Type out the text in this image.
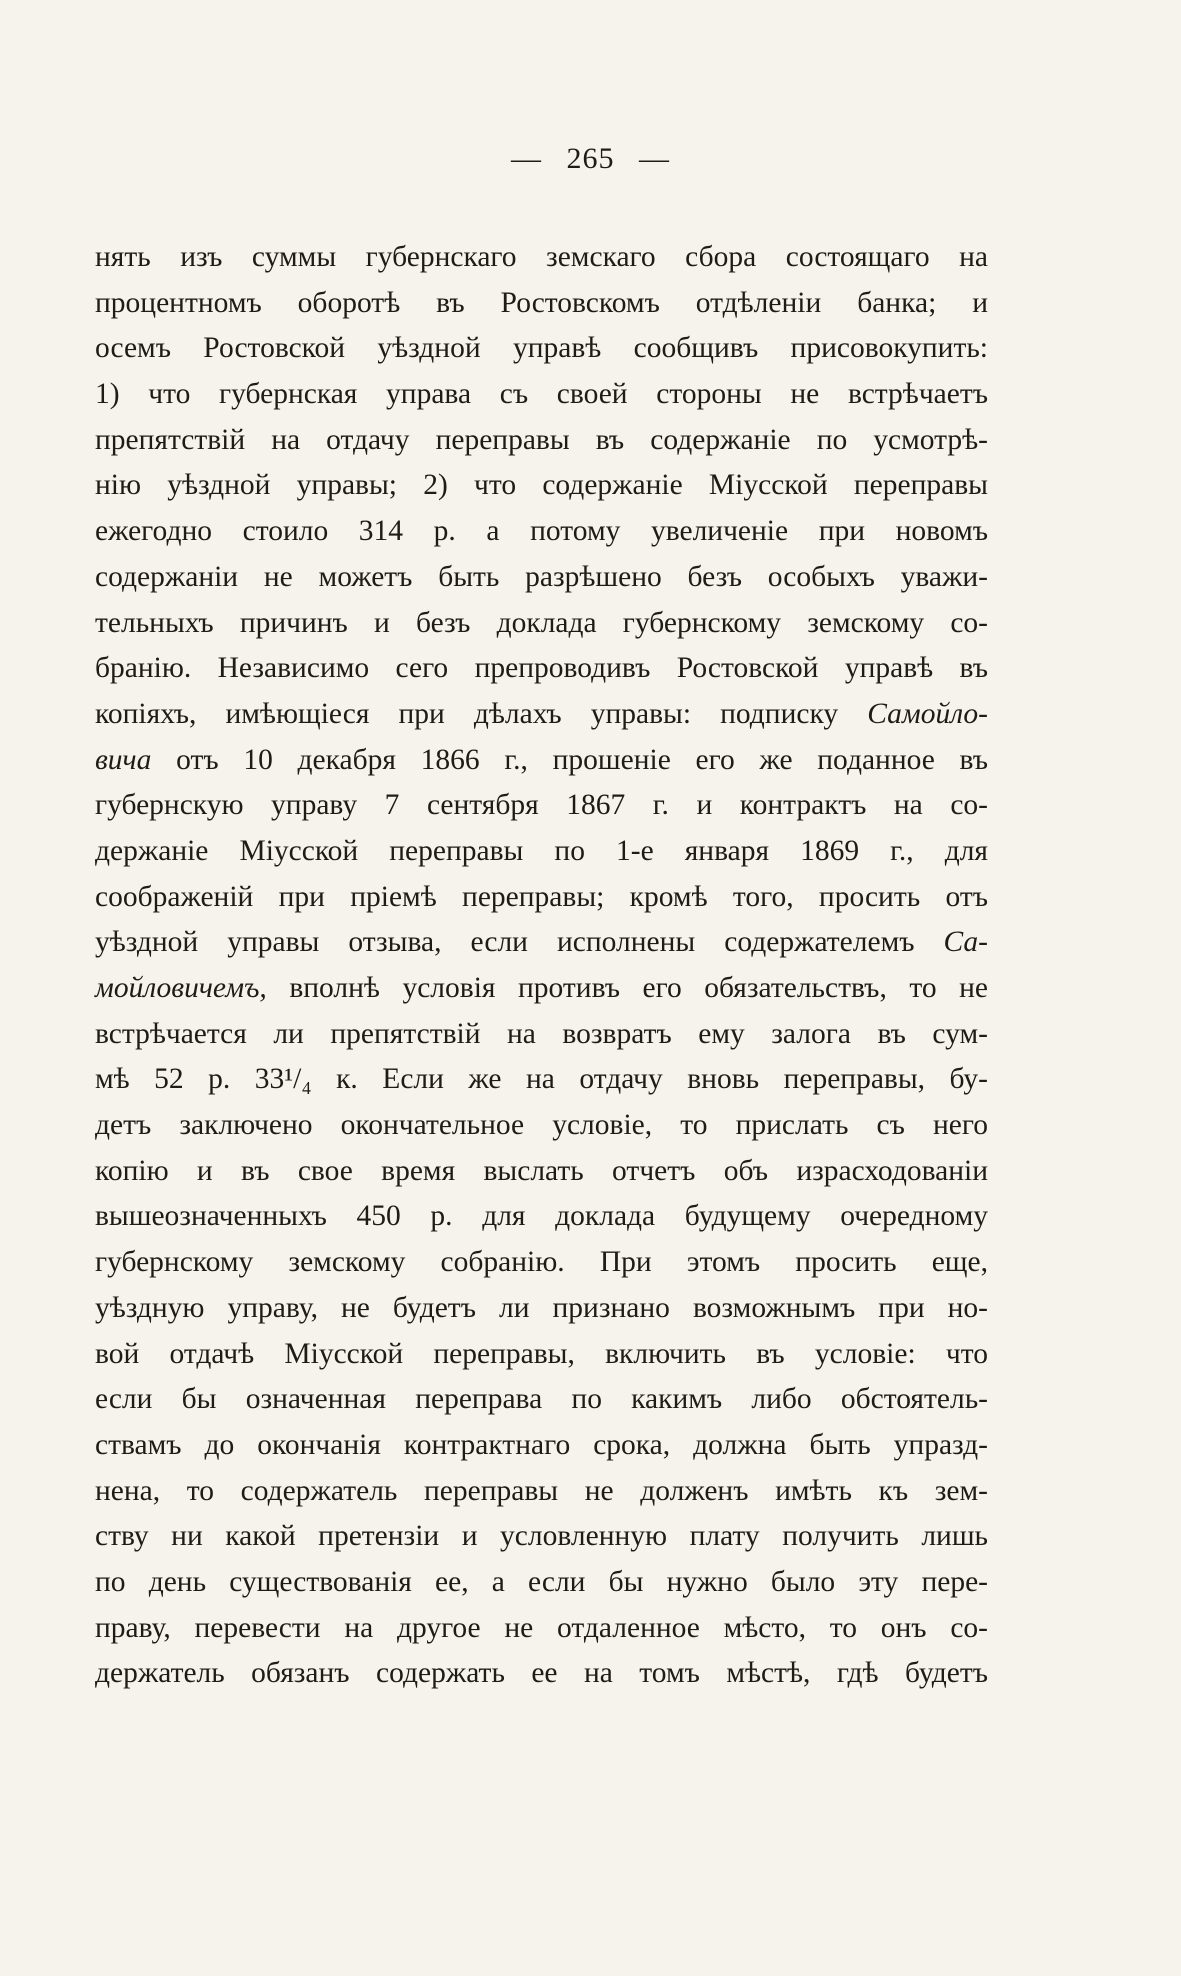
— 265 —
нять изъ суммы губернскаго земскаго сбора состоящаго на
процентномъ оборотѣ въ Ростовскомъ отдѣленіи банка; и
осемъ Ростовской уѣздной управѣ сообщивъ присовокупить:
1) что губернская управа съ своей стороны не встрѣчаетъ
препятствій на отдачу переправы въ содержаніе по усмотрѣ-
нію уѣздной управы; 2) что содержаніе Міусской переправы
ежегодно стоило 314 р. а потому увеличеніе при новомъ
содержаніи не можетъ быть разрѣшено безъ особыхъ уважи-
тельныхъ причинъ и безъ доклада губернскому земскому со-
бранію. Независимо сего препроводивъ Ростовской управѣ въ
копіяхъ, имѣющіеся при дѣлахъ управы: подписку Самойло-
вича отъ 10 декабря 1866 г., прошеніе его же поданное въ
губернскую управу 7 сентября 1867 г. и контрактъ на со-
держаніе Міусской переправы по 1-е января 1869 г., для
соображеній при пріемѣ переправы; кромѣ того, просить отъ
уѣздной управы отзыва, если исполнены содержателемъ Са-
мойловичемъ, вполнѣ условія противъ его обязательствъ, то не
встрѣчается ли препятствій на возвратъ ему залога въ сум-
мѣ 52 р. 33¹/₄ к. Если же на отдачу вновь переправы, бу-
детъ заключено окончательное условіе, то прислать съ него
копію и въ свое время выслать отчетъ объ израсходованіи
вышеозначенныхъ 450 р. для доклада будущему очередному
губернскому земскому собранію. При этомъ просить еще,
уѣздную управу, не будетъ ли признано возможнымъ при но-
вой отдачѣ Міусской переправы, включить въ условіе: что
если бы означенная переправа по какимъ либо обстоятель-
ствамъ до окончанія контрактнаго срока, должна быть упразд-
нена, то содержатель переправы не долженъ имѣть къ зем-
ству ни какой претензіи и условленную плату получить лишь
по день существованія ее, а если бы нужно было эту пере-
праву, перевести на другое не отдаленное мѣсто, то онъ со-
держатель обязанъ содержать ее на томъ мѣстѣ, гдѣ будетъ
